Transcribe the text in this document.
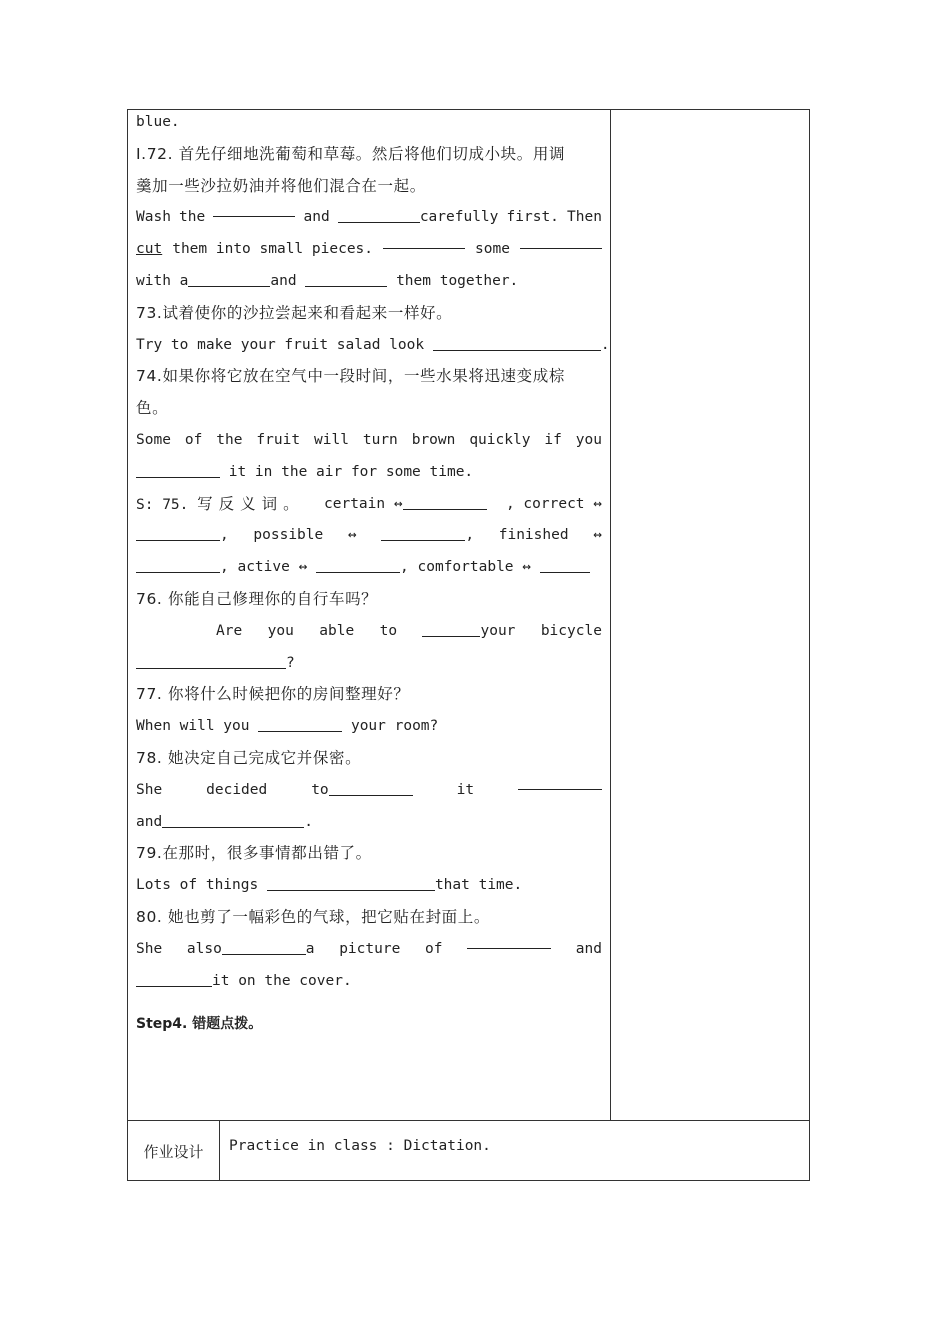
blue.
I.72. 首先仔细地洗葡萄和草莓。然后将他们切成小块。用调
羹加一些沙拉奶油并将他们混合在一起。
Wash the	and	carefully first. Then
cut them into small pieces.	some
with a	and	them together.
73.试着使你的沙拉尝起来和看起来一样好。
Try to make your fruit salad look	.
74.如果你将它放在空气中一段时间，一些水果将迅速变成棕
色。
Some of the fruit will turn brown quickly if you
it in the air for some time.
S: 75. 写反义词。 certain ↔	, correct ↔
, possible ↔	, finished ↔
, active ↔	, comfortable ↔
76. 你能自己修理你的自行车吗？
Are you able to	your bicycle
?
77. 你将什么时候把你的房间整理好？
When will you	your room?
78. 她决定自己完成它并保密。
She	decided	to	it
and	.
79.在那时，很多事情都出错了。
Lots of things	that time.
80. 她也剪了一幅彩色的气球，把它贴在封面上。
She also	a picture of	and
it on the cover.
Step4. 错题点拨。
作业设计	Practice in class : Dictation.
